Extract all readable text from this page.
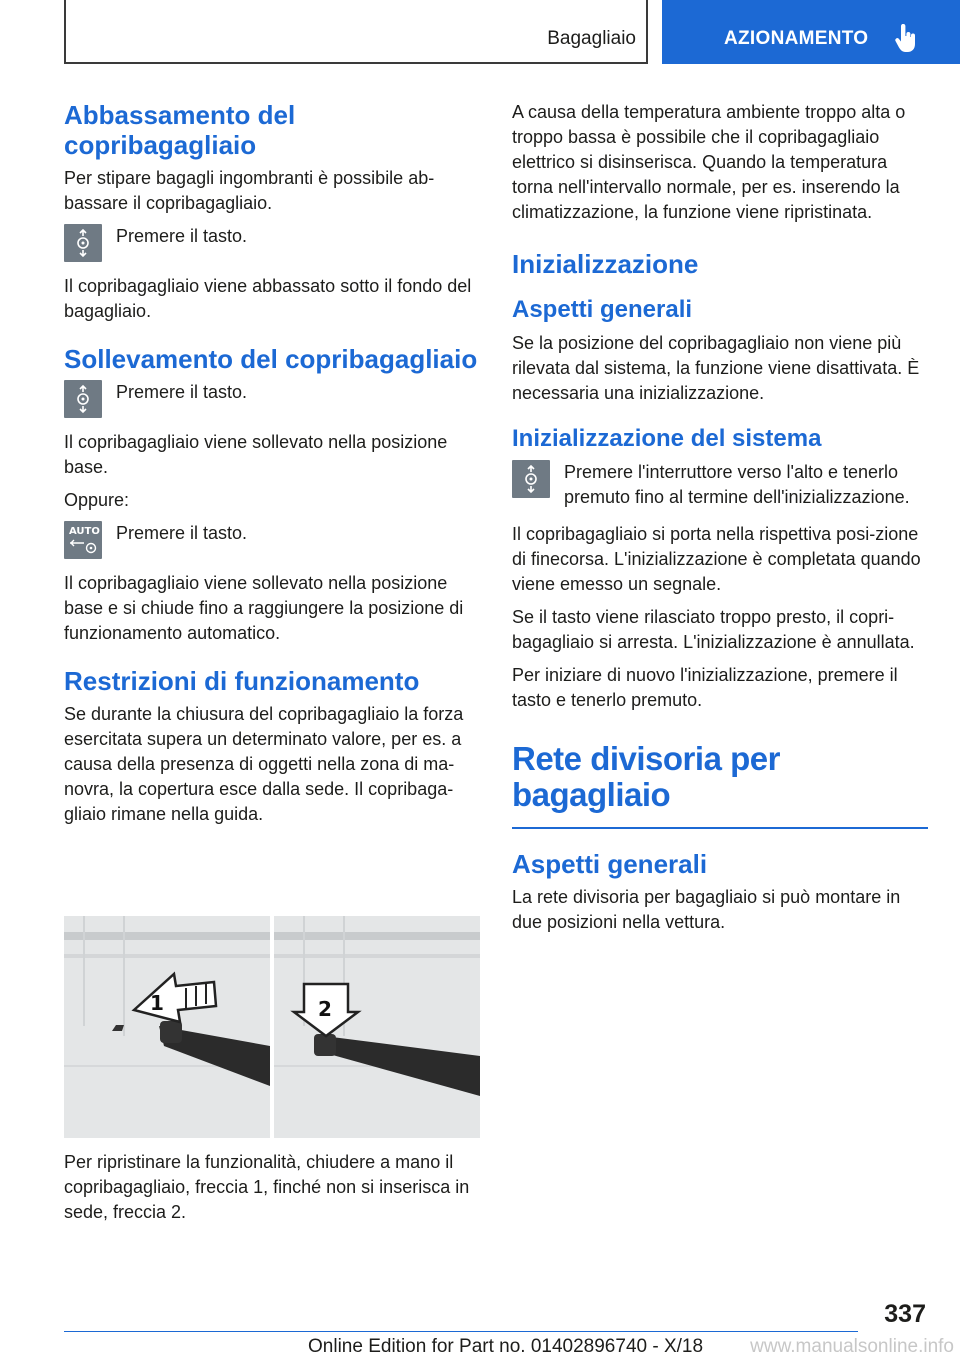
Bagagliaio	AZIONAMENTO
Abbassamento del copribagagliaio

Per stipare bagagli ingombranti è possibile ab-bassare il copribagagliaio.

Premere il tasto.

Il copribagagliaio viene abbassato sotto il fondo del bagagliaio.

Sollevamento del copribagagliaio
Premere il tasto.

Il copribagagliaio viene sollevato nella posizione base.

Oppure:

AUTO Premere il tasto.

Il copribagagliaio viene sollevato nella posizione base e si chiude fino a raggiungere la posizione di funzionamento automatico.

Restrizioni di funzionamento

Se durante la chiusura del copribagagliaio la forza esercitata supera un determinato valore, per es. a causa della presenza di oggetti nella zona di ma-novra, la copertura esce dalla sede. Il copribaga-gliaio rimane nella guida.

1	2

Per ripristinare la funzionalità, chiudere a mano il copribagagliaio, freccia 1, finché non si inserisca in sede, freccia 2.

A causa della temperatura ambiente troppo alta o troppo bassa è possibile che il copribagagliaio elettrico si disinserisca. Quando la temperatura torna nell'intervallo normale, per es. inserendo la climatizzazione, la funzione viene ripristinata.

Inizializzazione
Aspetti generali

Se la posizione del copribagagliaio non viene più rilevata dal sistema, la funzione viene disattivata. È necessaria una inizializzazione.

Inizializzazione del sistema
Premere l'interruttore verso l'alto e tenerlo premuto fino al termine dell'inizializzazione.

Il copribagagliaio si porta nella rispettiva posi-zione di finecorsa. L'inizializzazione è completata quando viene emesso un segnale.

Se il tasto viene rilasciato troppo presto, il copri-bagagliaio si arresta. L'inizializzazione è annullata.

Per iniziare di nuovo l'inizializzazione, premere il tasto e tenerlo premuto.

Rete divisoria per bagagliaio
Aspetti generali

La rete divisoria per bagagliaio si può montare in due posizioni nella vettura.

337
Online Edition for Part no. 01402896740 - X/18 www.manualsonline.info
